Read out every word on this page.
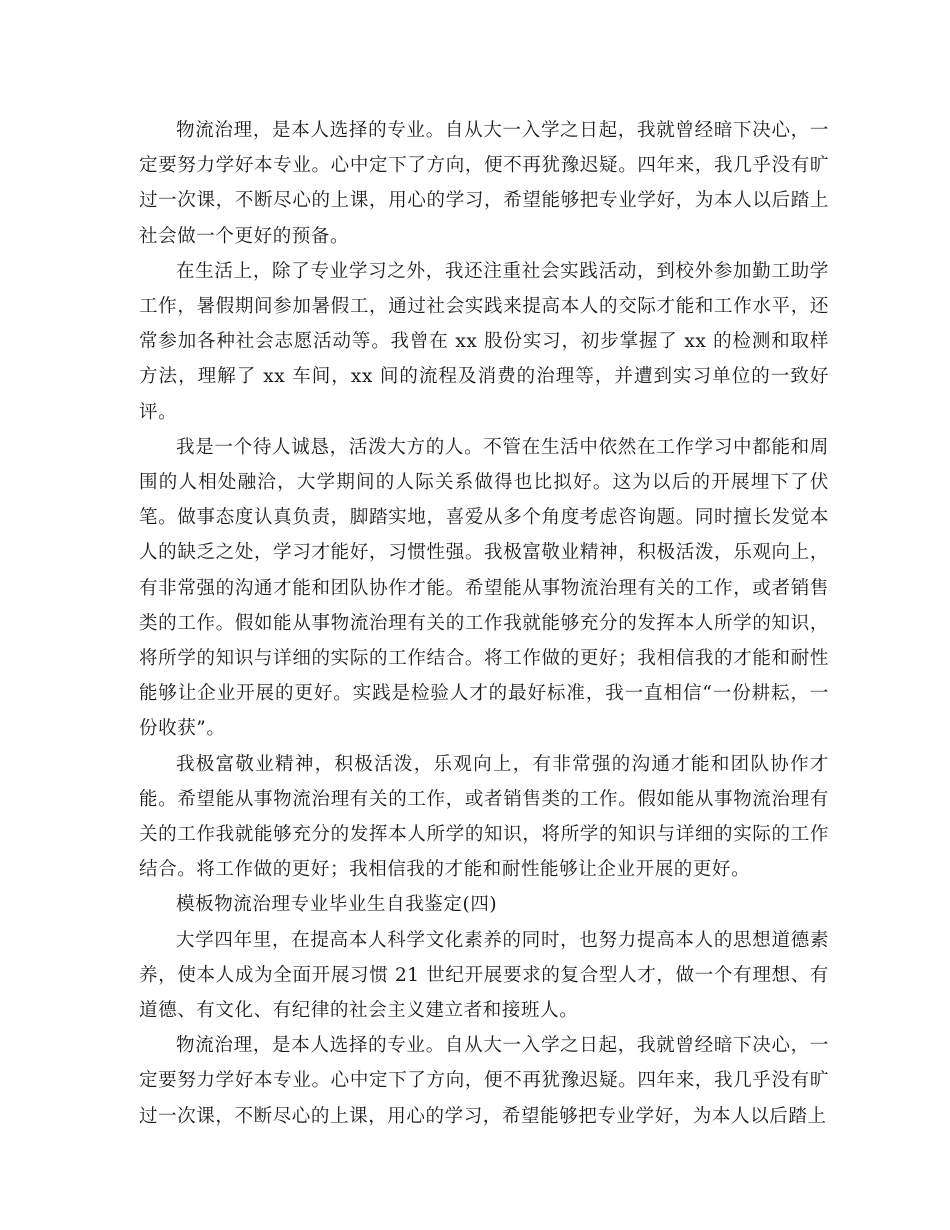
物流治理，是本人选择的专业。自从大一入学之日起，我就曾经暗下决心，一定要努力学好本专业。心中定下了方向，便不再犹豫迟疑。四年来，我几乎没有旷过一次课，不断尽心的上课，用心的学习，希望能够把专业学好，为本人以后踏上社会做一个更好的预备。

在生活上，除了专业学习之外，我还注重社会实践活动，到校外参加勤工助学工作，暑假期间参加暑假工，通过社会实践来提高本人的交际才能和工作水平，还常参加各种社会志愿活动等。我曾在 xx 股份实习，初步掌握了 xx 的检测和取样方法，理解了 xx 车间，xx 间的流程及消费的治理等，并遭到实习单位的一致好评。

我是一个待人诚恳，活泼大方的人。不管在生活中依然在工作学习中都能和周围的人相处融洽，大学期间的人际关系做得也比拟好。这为以后的开展埋下了伏笔。做事态度认真负责，脚踏实地，喜爱从多个角度考虑咨询题。同时擅长发觉本人的缺乏之处，学习才能好，习惯性强。我极富敬业精神，积极活泼，乐观向上，有非常强的沟通才能和团队协作才能。希望能从事物流治理有关的工作，或者销售类的工作。假如能从事物流治理有关的工作我就能够充分的发挥本人所学的知识，将所学的知识与详细的实际的工作结合。将工作做的更好；我相信我的才能和耐性能够让企业开展的更好。实践是检验人才的最好标准，我一直相信“一份耕耘，一份收获”。

我极富敬业精神，积极活泼，乐观向上，有非常强的沟通才能和团队协作才能。希望能从事物流治理有关的工作，或者销售类的工作。假如能从事物流治理有关的工作我就能够充分的发挥本人所学的知识，将所学的知识与详细的实际的工作结合。将工作做的更好；我相信我的才能和耐性能够让企业开展的更好。

模板物流治理专业毕业生自我鉴定(四)

大学四年里，在提高本人科学文化素养的同时，也努力提高本人的思想道德素养，使本人成为全面开展习惯 21 世纪开展要求的复合型人才，做一个有理想、有道德、有文化、有纪律的社会主义建立者和接班人。

物流治理，是本人选择的专业。自从大一入学之日起，我就曾经暗下决心，一定要努力学好本专业。心中定下了方向，便不再犹豫迟疑。四年来，我几乎没有旷过一次课，不断尽心的上课，用心的学习，希望能够把专业学好，为本人以后踏上
